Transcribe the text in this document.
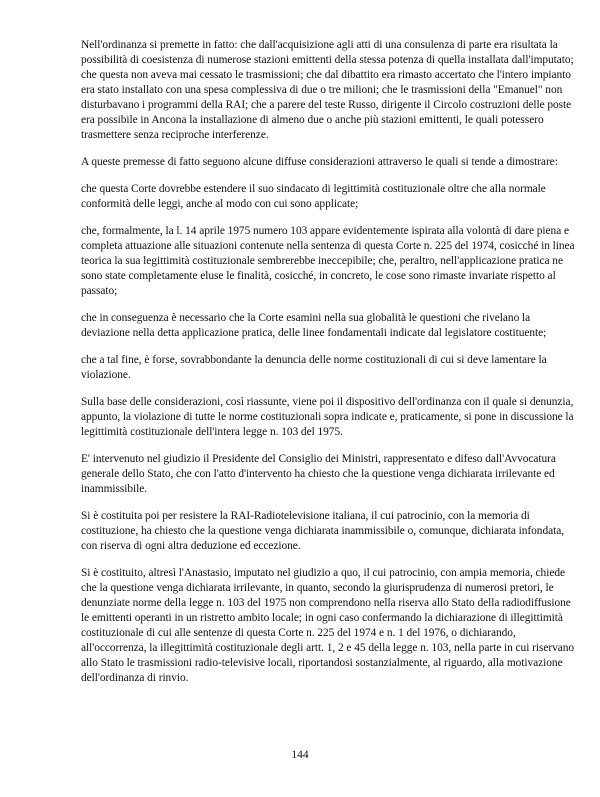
Nell'ordinanza si premette in fatto: che dall'acquisizione agli atti di una consulenza di parte era risultata la possibilità di coesistenza di numerose stazioni emittenti della stessa potenza di quella installata dall'imputato; che questa non aveva mai cessato le trasmissioni; che dal dibattito era rimasto accertato che l'intero impianto era stato installato con una spesa complessiva di due o tre milioni; che le trasmissioni della "Emanuel" non disturbavano i programmi della RAI; che a parere del teste Russo, dirigente il Circolo costruzioni delle poste era possibile in Ancona la installazione di almeno due o anche più stazioni emittenti, le quali potessero trasmettere senza reciproche interferenze.

A queste premesse di fatto seguono alcune diffuse considerazioni attraverso le quali si tende a dimostrare:

che questa Corte dovrebbe estendere il suo sindacato di legittimità costituzionale oltre che alla normale conformità delle leggi, anche al modo con cui sono applicate;

che, formalmente, la l. 14 aprile 1975 numero 103 appare evidentemente ispirata alla volontà di dare piena e completa attuazione alle situazioni contenute nella sentenza di questa Corte n. 225 del 1974, cosicché in linea teorica la sua legittimità costituzionale sembrerebbe ineccepibile; che, peraltro, nell'applicazione pratica ne sono state completamente eluse le finalità, cosicché, in concreto, le cose sono rimaste invariate rispetto al passato;

che in conseguenza è necessario che la Corte esamini nella sua globalità le questioni che rivelano la deviazione nella detta applicazione pratica, delle linee fondamentali indicate dal legislatore costituente;

che a tal fine, è forse, sovrabbondante la denuncia delle norme costituzionali di cui si deve lamentare la violazione.

Sulla base delle considerazioni, così riassunte, viene poi il dispositivo dell'ordinanza con il quale si denunzia, appunto, la violazione di tutte le norme costituzionali sopra indicate e, praticamente, si pone in discussione la legittimità costituzionale dell'intera legge n. 103 del 1975.

E' intervenuto nel giudizio il Presidente del Consiglio dei Ministri, rappresentato e difeso dall'Avvocatura generale dello Stato, che con l'atto d'intervento ha chiesto che la questione venga dichiarata irrilevante ed inammissibile.

Si è costituita poi per resistere la RAI-Radiotelevisione italiana, il cui patrocinio, con la memoria di costituzione, ha chiesto che la questione venga dichiarata inammissibile o, comunque, dichiarata infondata, con riserva di ogni altra deduzione ed eccezione.

Si è costituito, altresì l'Anastasio, imputato nel giudizio a quo, il cui patrocinio, con ampia memoria, chiede che la questione venga dichiarata irrilevante, in quanto, secondo la giurisprudenza di numerosi pretori, le denunziate norme della legge n. 103 del 1975 non comprendono nella riserva allo Stato della radiodiffusione le emittenti operanti in un ristretto ambito locale; in ogni caso confermando la dichiarazione di illegittimità costituzionale di cui alle sentenze di questa Corte n. 225 del 1974 e n. 1 del 1976, o dichiarando, all'occorrenza, la illegittimità costituzionale degli artt. 1, 2 e 45 della legge n. 103, nella parte in cui riservano allo Stato le trasmissioni radio-televisive locali, riportandosi sostanzialmente, al riguardo, alla motivazione dell'ordinanza di rinvio.

144
